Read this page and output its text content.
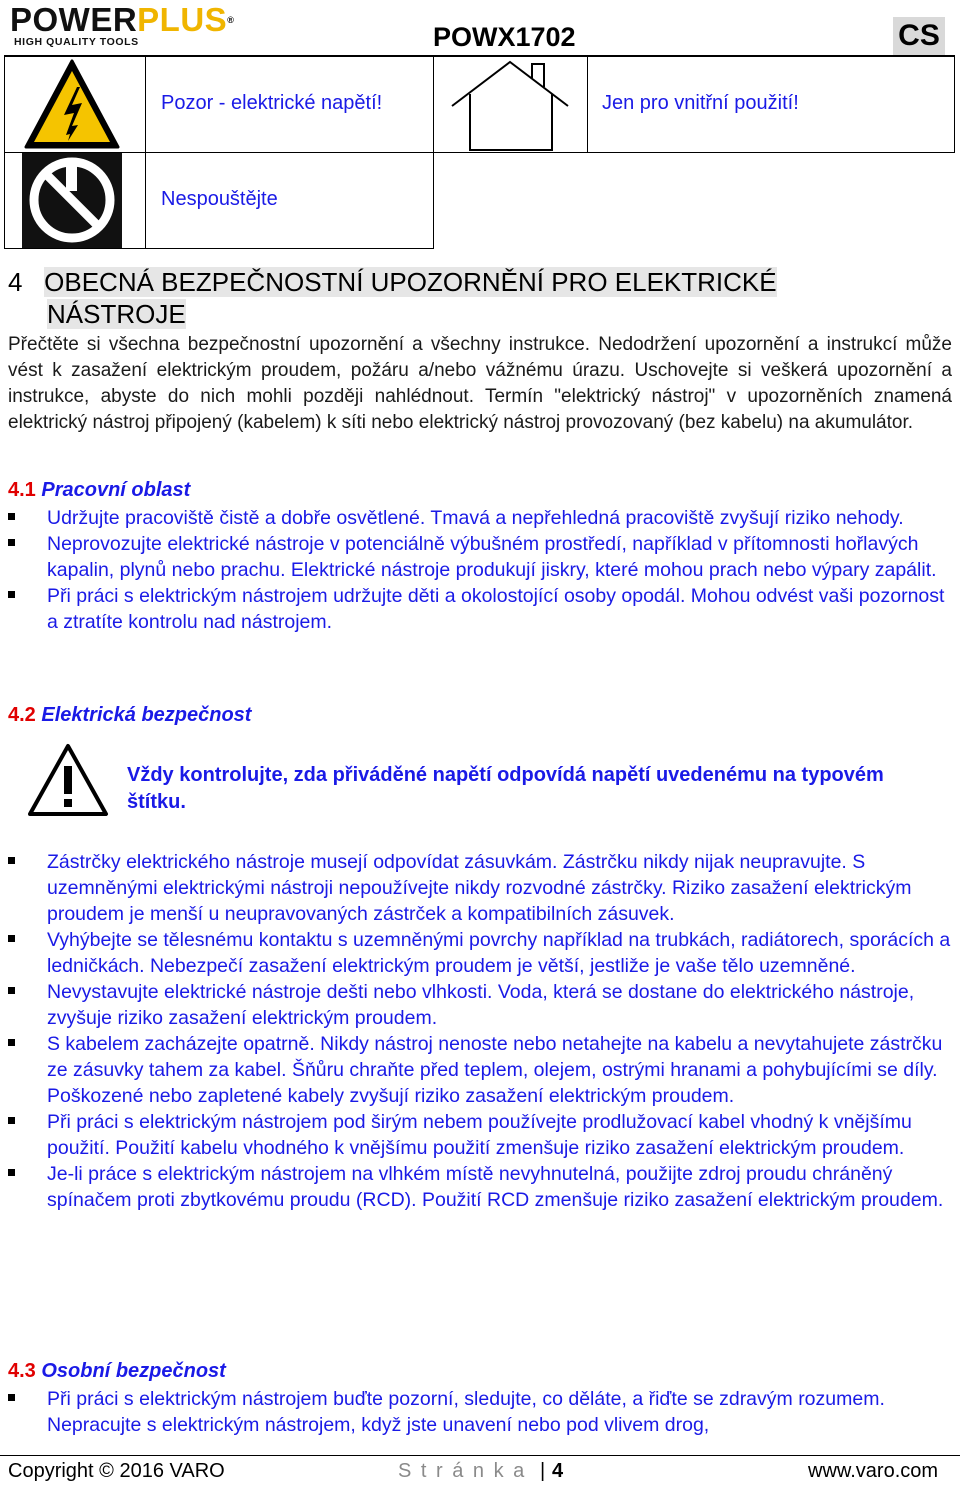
POWERPLUS®
HIGH QUALITY TOOLS	POWX1702	CS
Pozor - elektrické napětí!	Jen pro vnitřní použití!
Nespouštějte
4 OBECNÁ BEZPEČNOSTNÍ UPOZORNĚNÍ PRO ELEKTRICKÉ
NÁSTROJE
Přečtěte si všechna bezpečnostní upozornění a všechny instrukce. Nedodržení upozornění a instrukcí může vést k zasažení elektrickým proudem, požáru a/nebo vážnému úrazu. Uschovejte si veškerá upozornění a instrukce, abyste do nich mohli později nahlédnout. Termín "elektrický nástroj" v upozorněních znamená elektrický nástroj připojený (kabelem) k síti nebo elektrický nástroj provozovaný (bez kabelu) na akumulátor.
4.1 Pracovní oblast
Udržujte pracoviště čistě a dobře osvětlené. Tmavá a nepřehledná pracoviště zvyšují riziko nehody.
Neprovozujte elektrické nástroje v potenciálně výbušném prostředí, například v přítomnosti hořlavých kapalin, plynů nebo prachu. Elektrické nástroje produkují jiskry, které mohou prach nebo výpary zapálit.
Při práci s elektrickým nástrojem udržujte děti a okolostojící osoby opodál. Mohou odvést vaši pozornost a ztratíte kontrolu nad nástrojem.
4.2 Elektrická bezpečnost
Vždy kontrolujte, zda přiváděné napětí odpovídá napětí uvedenému na typovém štítku.
Zástrčky elektrického nástroje musejí odpovídat zásuvkám. Zástrčku nikdy nijak neupravujte. S uzemněnými elektrickými nástroji nepoužívejte nikdy rozvodné zástrčky. Riziko zasažení elektrickým proudem je menší u neupravovaných zástrček a kompatibilních zásuvek.
Vyhýbejte se tělesnému kontaktu s uzemněnými povrchy například na trubkách, radiátorech, sporácích a ledničkách. Nebezpečí zasažení elektrickým proudem je větší, jestliže je vaše tělo uzemněné.
Nevystavujte elektrické nástroje dešti nebo vlhkosti. Voda, která se dostane do elektrického nástroje, zvyšuje riziko zasažení elektrickým proudem.
S kabelem zacházejte opatrně. Nikdy nástroj nenoste nebo netahejte na kabelu a nevytahujete zástrčku ze zásuvky tahem za kabel. Šňůru chraňte před teplem, olejem, ostrými hranami a pohybujícími se díly. Poškozené nebo zapletené kabely zvyšují riziko zasažení elektrickým proudem.
Při práci s elektrickým nástrojem pod širým nebem používejte prodlužovací kabel vhodný k vnějšímu použití. Použití kabelu vhodného k vnějšímu použití zmenšuje riziko zasažení elektrickým proudem.
Je-li práce s elektrickým nástrojem na vlhkém místě nevyhnutelná, použijte zdroj proudu chráněný spínačem proti zbytkovému proudu (RCD). Použití RCD zmenšuje riziko zasažení elektrickým proudem.
4.3 Osobní bezpečnost
Při práci s elektrickým nástrojem buďte pozorní, sledujte, co děláte, a řiďte se zdravým rozumem. Nepracujte s elektrickým nástrojem, když jste unavení nebo pod vlivem drog,
Copyright © 2016 VARO	S t r á n k a | 4	www.varo.com
